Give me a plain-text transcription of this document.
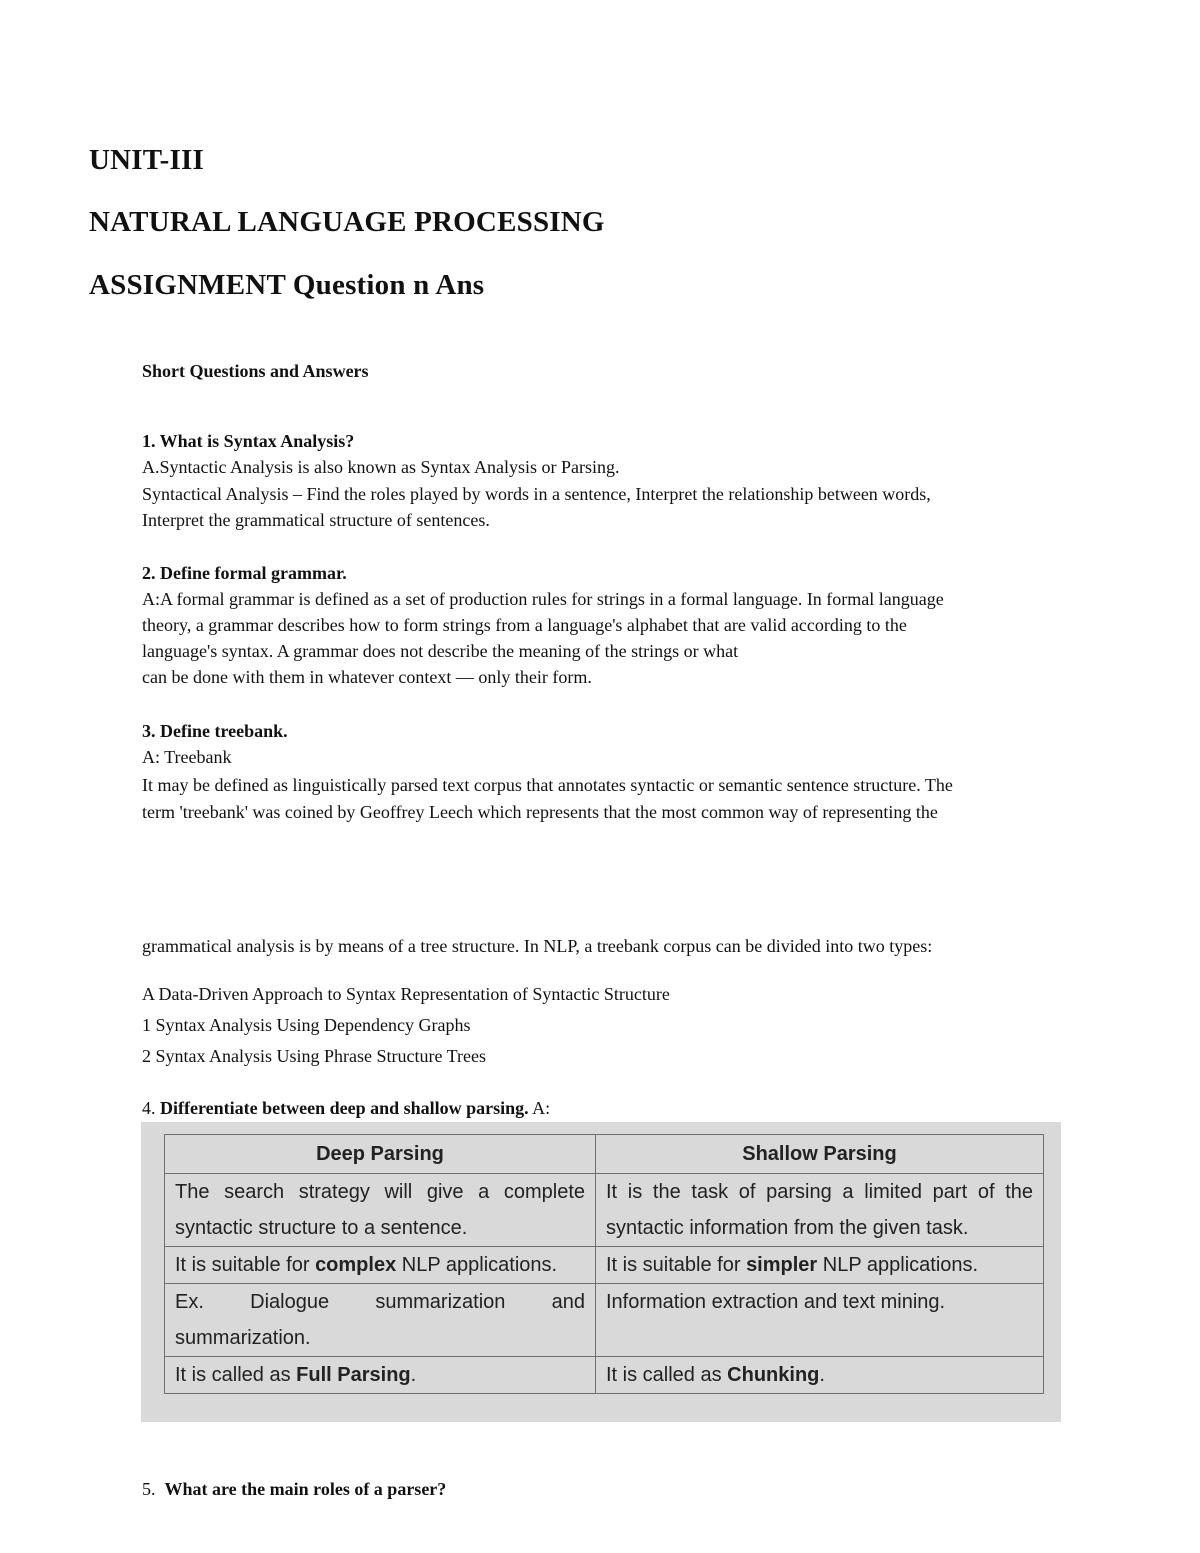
UNIT-III
NATURAL LANGUAGE PROCESSING
ASSIGNMENT Question n Ans
Short Questions and Answers
1. What is Syntax Analysis?
A.Syntactic Analysis is also known as Syntax Analysis or Parsing.
Syntactical Analysis – Find the roles played by words in a sentence, Interpret the relationship between words,
Interpret the grammatical structure of sentences.
2. Define formal grammar.
A:A formal grammar is defined as a set of production rules for strings in a formal language. In formal language
theory, a grammar describes how to form strings from a language's alphabet that are valid according to the
language's syntax. A grammar does not describe the meaning of the strings or what
can be done with them in whatever context — only their form.
3. Define treebank.
A: Treebank
It may be defined as linguistically parsed text corpus that annotates syntactic or semantic sentence structure. The
term 'treebank' was coined by Geoffrey Leech which represents that the most common way of representing the
grammatical analysis is by means of a tree structure. In NLP, a treebank corpus can be divided into two types:
A Data-Driven Approach to Syntax Representation of Syntactic Structure
1 Syntax Analysis Using Dependency Graphs
2 Syntax Analysis Using Phrase Structure Trees
4. Differentiate between deep and shallow parsing. A:
Deep Parsing	Shallow Parsing
The search strategy will give a complete syntactic structure to a sentence.	It is the task of parsing a limited part of the syntactic information from the given task.
It is suitable for complex NLP applications.	It is suitable for simpler NLP applications.
Ex. Dialogue summarization and summarization.	Information extraction and text mining.
It is called as Full Parsing.	It is called as Chunking.
5. What are the main roles of a parser?
